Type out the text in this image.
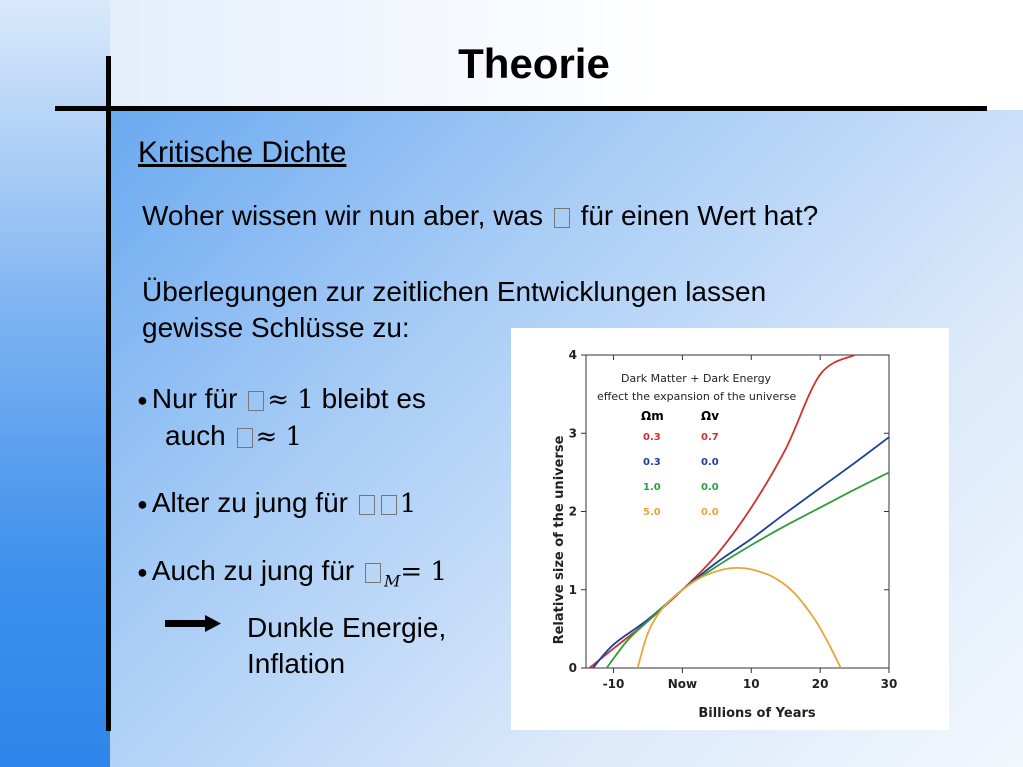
Theorie
Kritische Dichte
Woher wissen wir nun aber, was für einen Wert hat?
Überlegungen zur zeitlichen Entwicklungen lassen
gewisse Schlüsse zu:
● Nur für ≈ 1 bleibt es
auch ≈ 1
● Alter zu jung für 1
● Auch zu jung für $_M$= 1
Dunkle Energie,
Inflation
-10	Now	10	20	30
0
1
2
3
4
Billions of Years
Relative size of the universe
Dark Matter + Dark Energy
effect the expansion of the universe
Ωm	Ωv
0.3	0.7
0.3	0.0
1.0	0.0
5.0	0.0
